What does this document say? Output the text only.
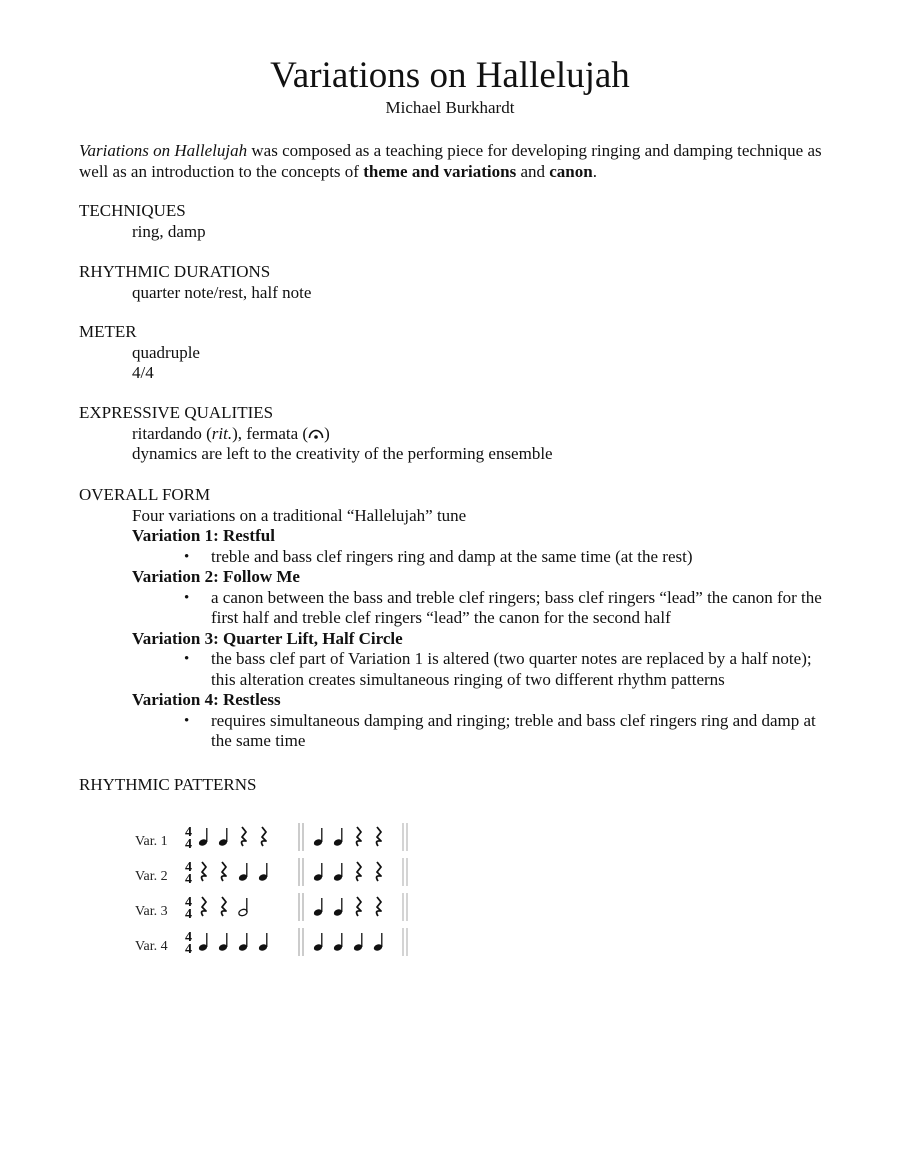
Variations on Hallelujah
Michael Burkhardt
Variations on Hallelujah was composed as a teaching piece for developing ringing and damping technique as well as an introduction to the concepts of theme and variations and canon.
TECHNIQUES
ring, damp
RHYTHMIC DURATIONS
quarter note/rest, half note
METER
quadruple
4/4
EXPRESSIVE QUALITIES
ritardando (rit.), fermata ( )
dynamics are left to the creativity of the performing ensemble
OVERALL FORM
Four variations on a traditional “Hallelujah” tune
Variation 1: Restful
• treble and bass clef ringers ring and damp at the same time (at the rest)
Variation 2: Follow Me
• a canon between the bass and treble clef ringers; bass clef ringers “lead” the canon for the first half and treble clef ringers “lead” the canon for the second half
Variation 3: Quarter Lift, Half Circle
• the bass clef part of Variation 1 is altered (two quarter notes are replaced by a half note); this alteration creates simultaneous ringing of two different rhythm patterns
Variation 4: Restless
• requires simultaneous damping and ringing; treble and bass clef ringers ring and damp at the same time
RHYTHMIC PATTERNS
Var. 1
4
4
Var. 2
4
4
Var. 3
4
4
Var. 4
4
4
